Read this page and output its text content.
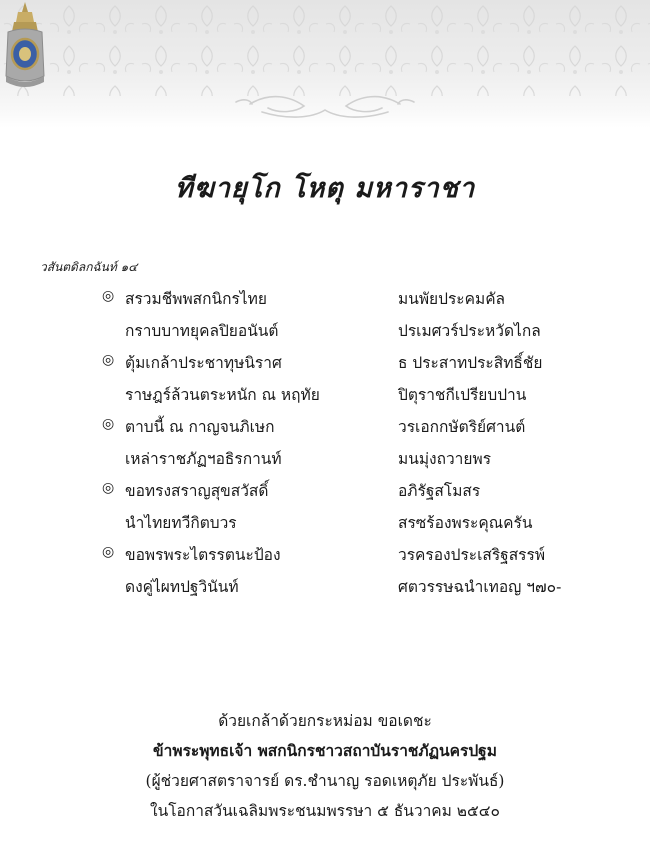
ทีฆายุโก โหตุ มหาราชา
วสันตดิลกฉันท์ ๑๔
◎
◎
◎
◎
◎
สรวมชีพพสกนิกรไทย
กราบบาทยุคลปิยอนันต์
ตุ้มเกล้าประชาทุษนิราศ
ราษฎร์ล้วนตระหนัก ณ หฤทัย
ตาบนี้ ณ กาญจนภิเษก
เหล่าราชภัฏฯอธิรกานท์
ขอทรงสราญสุขสวัสดิ์
นำไทยทวีกิตบวร
ขอพรพระไตรรตนะป้อง
ดงคู่ไผทปฐวินันท์
มนพัยประคมคัล
ปรเมศวร์ประหวัดไกล
ธ ประสาทประสิทธิ์ชัย
ปิตุราชกีเปรียบปาน
วรเอกกษัตริย์ศานต์
มนมุ่งถวายพร
อภิรัฐสโมสร
สรซร้องพระคุณครัน
วรครองประเสริฐสรรพ์
ศตวรรษฉนำเทอญ ฯ๗๐-
ด้วยเกล้าด้วยกระหม่อม ขอเดชะ
ข้าพระพุทธเจ้า พสกนิกรชาวสถาบันราชภัฏนครปฐม
(ผู้ช่วยศาสตราจารย์ ดร.ชำนาญ รอดเหตุภัย ประพันธ์)
ในโอกาสวันเฉลิมพระชนมพรรษา ๕ ธันวาคม ๒๕๔๐
